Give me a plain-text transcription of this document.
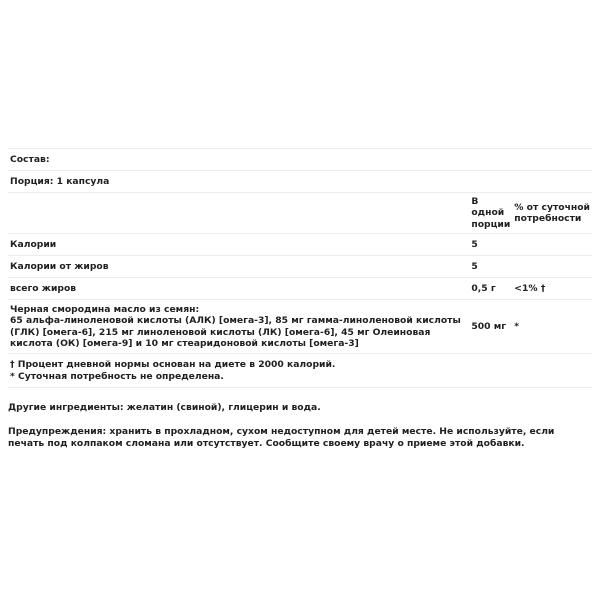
Состав:		
Порция: 1 капсула		
	В одной порции	% от суточной потребности
Калории	5	
Калории от жиров	5	
всего жиров	0,5 г	<1% †

Черная смородина масло из семян:
65 альфа-линоленовой кислоты (АЛК) [омега-3], 85 мг гамма-линоленовой кислоты (ГЛК) [омега-6], 215 мг линоленовой кислоты (ЛК) [омега-6], 45 мг Олеиновая кислота (ОК) [омега-9] и 10 мг стеаридоновой кислоты [омега-3]	500 мг	*

† Процент дневной нормы основан на диете в 2000 калорий.
* Суточная потребность не определена.		
Другие ингредиенты: желатин (свиной), глицерин и вода.
Предупреждения: хранить в прохладном, сухом недоступном для детей месте. Не используйте, если печать под колпаком сломана или отсутствует. Сообщите своему врачу о приеме этой добавки.
